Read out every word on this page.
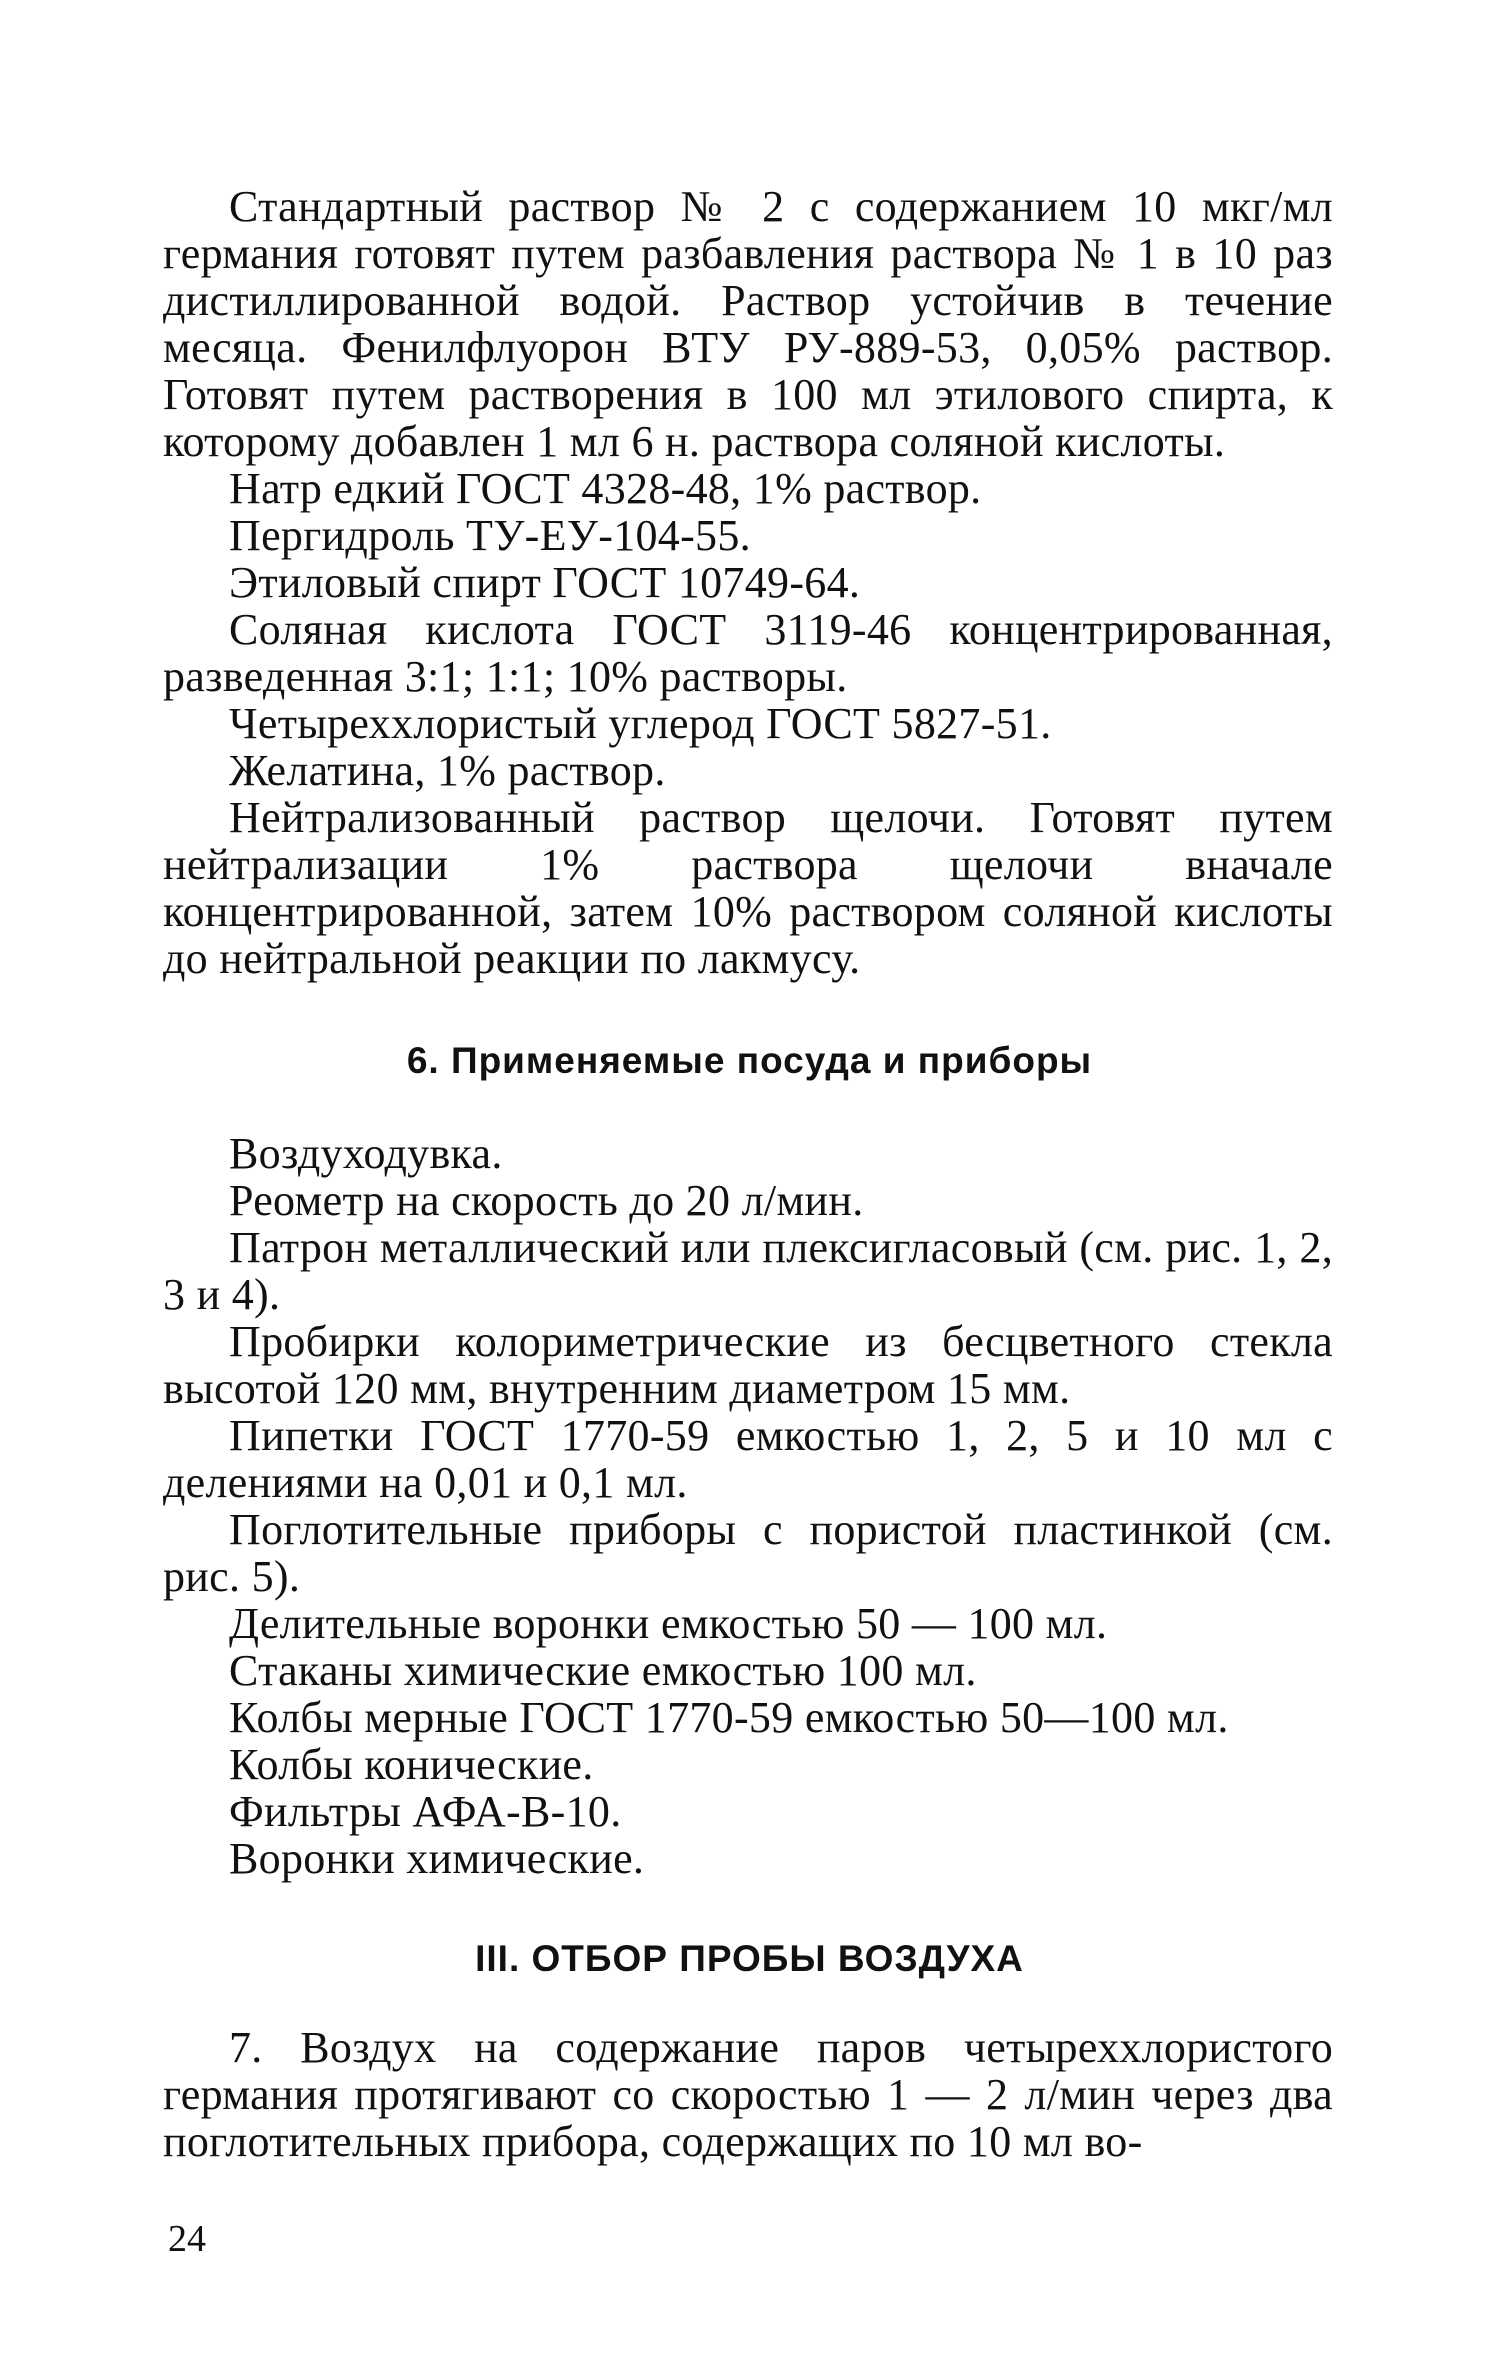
Стандартный раствор № 2 с содержанием 10 мкг/мл германия готовят путем разбавления раствора № 1 в 10 раз дистиллированной водой. Раствор устойчив в течение месяца. Фенилфлуорон ВТУ РУ-889-53, 0,05% раствор. Готовят путем растворения в 100 мл этилового спирта, к которому добавлен 1 мл 6 н. раствора соляной кислоты.

Натр едкий ГОСТ 4328-48, 1% раствор.

Пергидроль ТУ-ЕУ-104-55.

Этиловый спирт ГОСТ 10749-64.

Соляная кислота ГОСТ 3119-46 концентрированная, разведенная 3:1; 1:1; 10% растворы.

Четыреххлористый углерод ГОСТ 5827-51.

Желатина, 1% раствор.

Нейтрализованный раствор щелочи. Готовят путем нейтрализации 1% раствора щелочи вначале концентрированной, затем 10% раствором соляной кислоты до нейтральной реакции по лакмусу.

6. Применяемые посуда и приборы

Воздуходувка.

Реометр на скорость до 20 л/мин.

Патрон металлический или плексигласовый (см. рис. 1, 2, 3 и 4).

Пробирки колориметрические из бесцветного стекла высотой 120 мм, внутренним диаметром 15 мм.

Пипетки ГОСТ 1770-59 емкостью 1, 2, 5 и 10 мл с делениями на 0,01 и 0,1 мл.

Поглотительные приборы с пористой пластинкой (см. рис. 5).

Делительные воронки емкостью 50 — 100 мл.

Стаканы химические емкостью 100 мл.

Колбы мерные ГОСТ 1770-59 емкостью 50—100 мл.

Колбы конические.

Фильтры АФА-В-10.

Воронки химические.

III. ОТБОР ПРОБЫ ВОЗДУХА

7. Воздух на содержание паров четыреххлористого германия протягивают со скоростью 1 — 2 л/мин через два поглотительных прибора, содержащих по 10 мл во-

24
